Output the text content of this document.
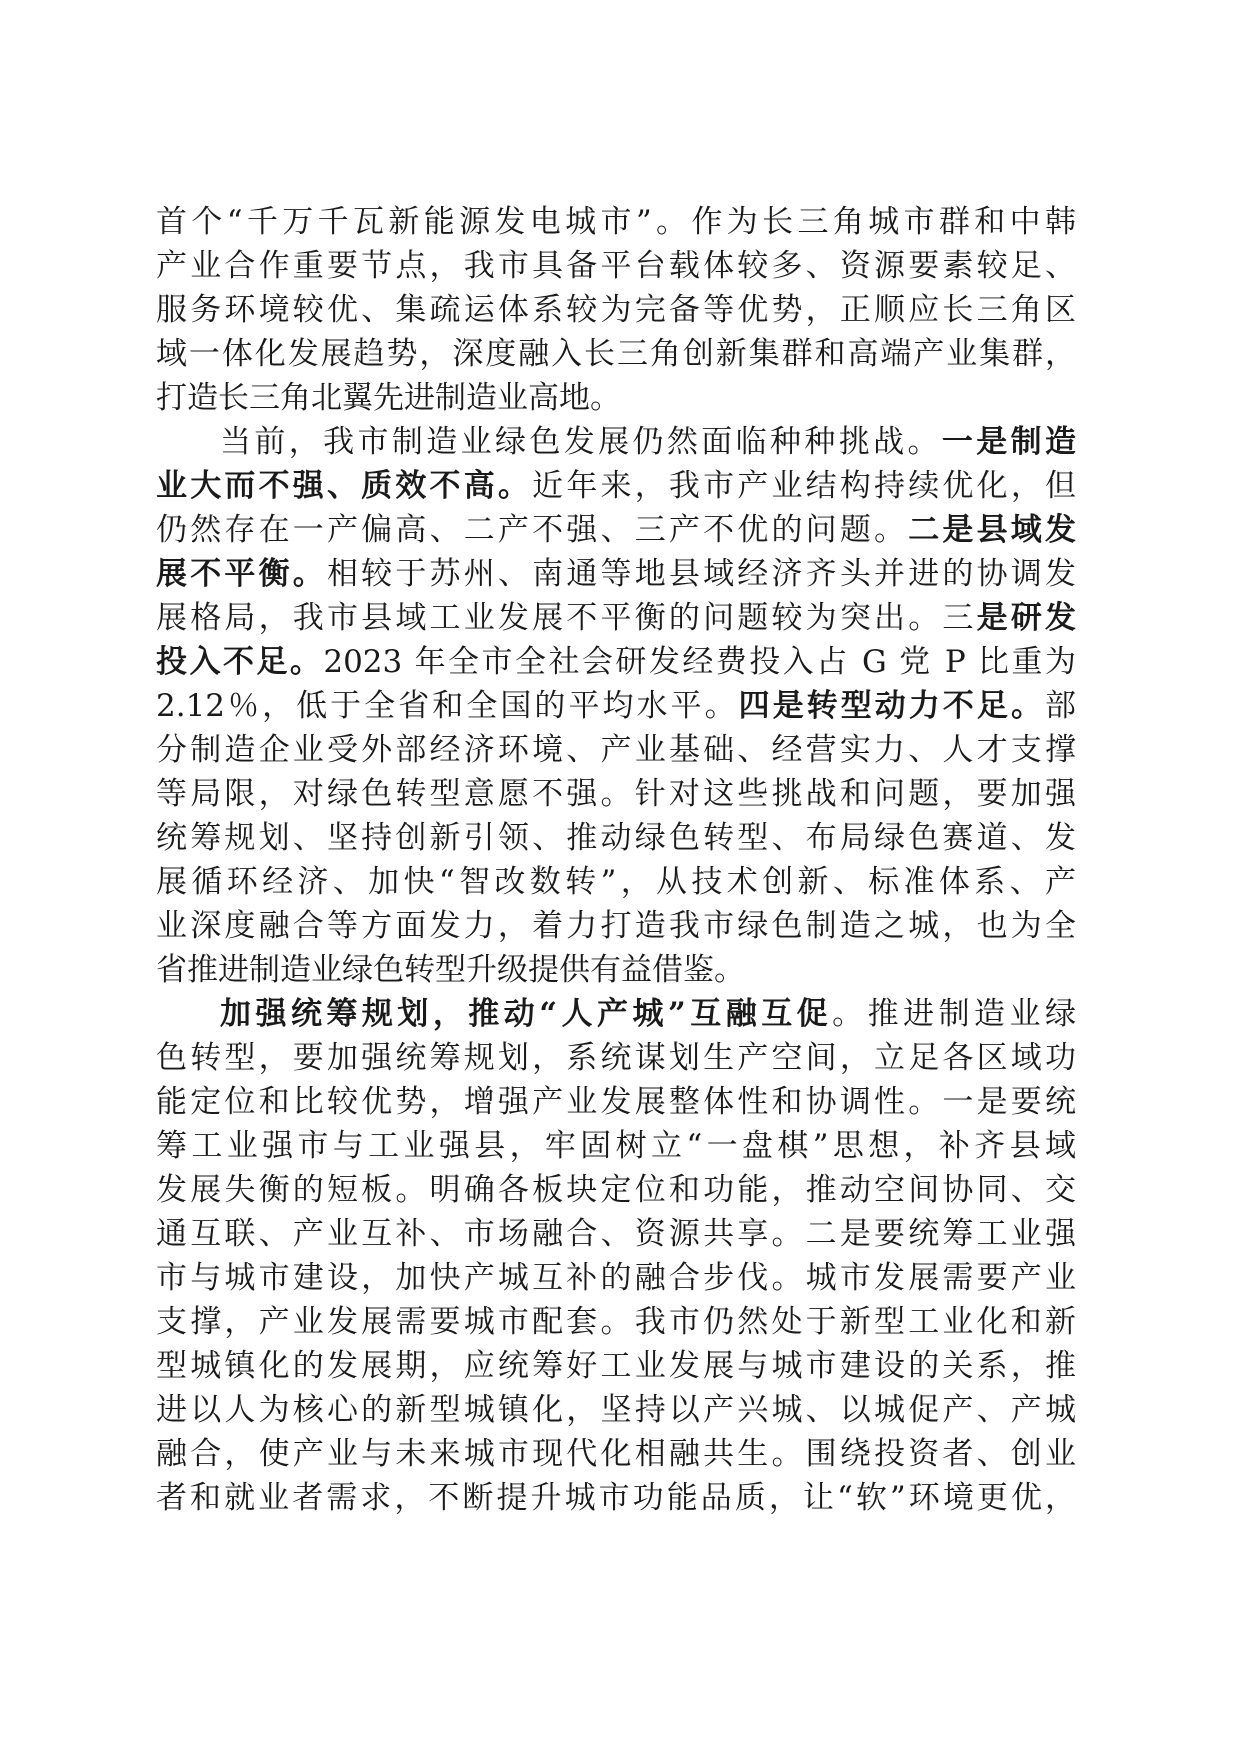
首个“千万千瓦新能源发电城市”。作为长三角城市群和中韩
产业合作重要节点，我市具备平台载体较多、资源要素较足、
服务环境较优、集疏运体系较为完备等优势，正顺应长三角区
域一体化发展趋势，深度融入长三角创新集群和高端产业集群，
打造长三角北翼先进制造业高地。
当前，我市制造业绿色发展仍然面临种种挑战。一是制造
业大而不强、质效不高。近年来，我市产业结构持续优化，但
仍然存在一产偏高、二产不强、三产不优的问题。二是县域发
展不平衡。相较于苏州、南通等地县域经济齐头并进的协调发
展格局，我市县域工业发展不平衡的问题较为突出。三是研发
投入不足。2023 年全市全社会研发经费投入占 G 党 P 比重为
2.12％，低于全省和全国的平均水平。四是转型动力不足。部
分制造企业受外部经济环境、产业基础、经营实力、人才支撑
等局限，对绿色转型意愿不强。针对这些挑战和问题，要加强
统筹规划、坚持创新引领、推动绿色转型、布局绿色赛道、发
展循环经济、加快“智改数转”，从技术创新、标准体系、产
业深度融合等方面发力，着力打造我市绿色制造之城，也为全
省推进制造业绿色转型升级提供有益借鉴。
加强统筹规划，推动“人产城”互融互促。推进制造业绿
色转型，要加强统筹规划，系统谋划生产空间，立足各区域功
能定位和比较优势，增强产业发展整体性和协调性。一是要统
筹工业强市与工业强县，牢固树立“一盘棋”思想，补齐县域
发展失衡的短板。明确各板块定位和功能，推动空间协同、交
通互联、产业互补、市场融合、资源共享。二是要统筹工业强
市与城市建设，加快产城互补的融合步伐。城市发展需要产业
支撑，产业发展需要城市配套。我市仍然处于新型工业化和新
型城镇化的发展期，应统筹好工业发展与城市建设的关系，推
进以人为核心的新型城镇化，坚持以产兴城、以城促产、产城
融合，使产业与未来城市现代化相融共生。围绕投资者、创业
者和就业者需求，不断提升城市功能品质，让“软”环境更优，
